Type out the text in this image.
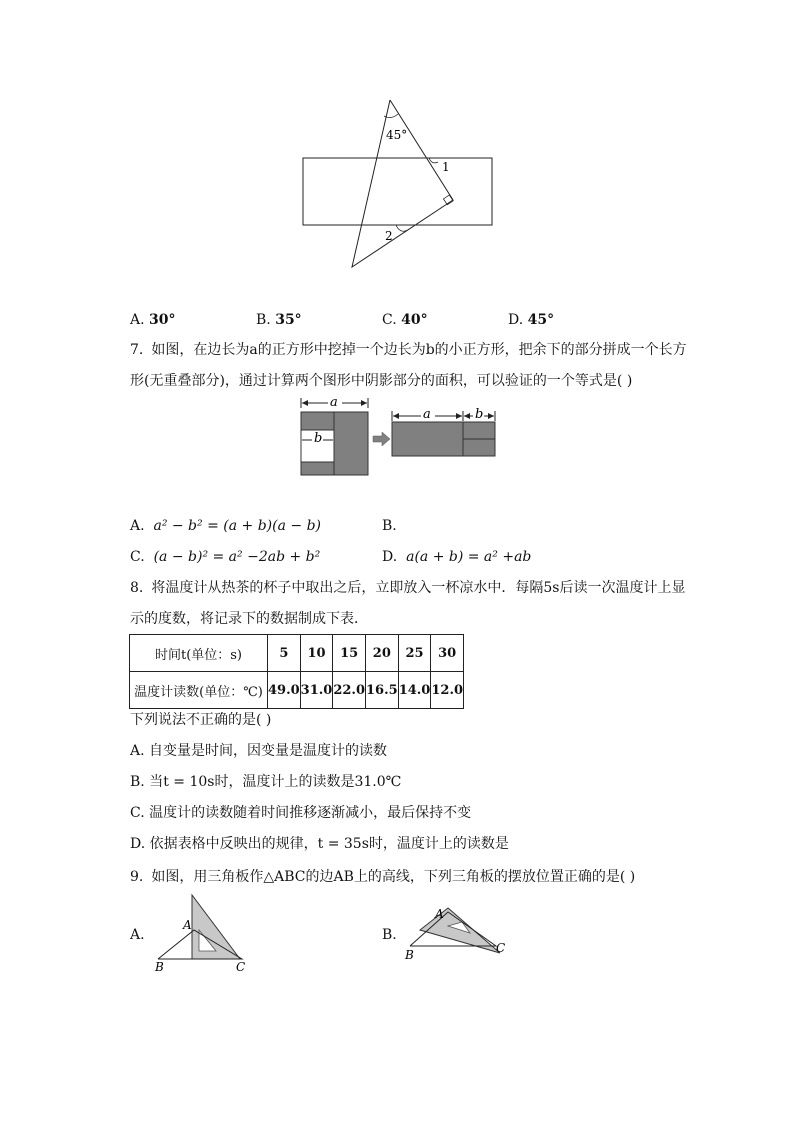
45°
1
2
A. 30°	B. 35°	C. 40°	D. 45°
7. 如图，在边长为a的正方形中挖掉一个边长为b的小正方形，把余下的部分拼成一个长方
形(无重叠部分)，通过计算两个图形中阴影部分的面积，可以验证的一个等式是( )
a
b
a	b
A. a² − b² = (a + b)(a − b)	B.
C. (a − b)² = a² −2ab + b²	D. a(a + b) = a² +ab
8. 将温度计从热茶的杯子中取出之后，立即放入一杯凉水中．每隔5s后读一次温度计上显
示的度数，将记录下的数据制成下表．
时间t(单位：s)	5	10	15	20	25	30
温度计读数(单位：℃)	49.0	31.0	22.0	16.5	14.0	12.0
下列说法不正确的是( )
A. 自变量是时间，因变量是温度计的读数
B. 当t = 10s时，温度计上的读数是31.0℃
C. 温度计的读数随着时间推移逐渐减小，最后保持不变
D. 依据表格中反映出的规律，t = 35s时，温度计上的读数是
9. 如图，用三角板作△ABC的边AB上的高线，下列三角板的摆放位置正确的是( )
A.
A
B	C
B.
A
B	C
